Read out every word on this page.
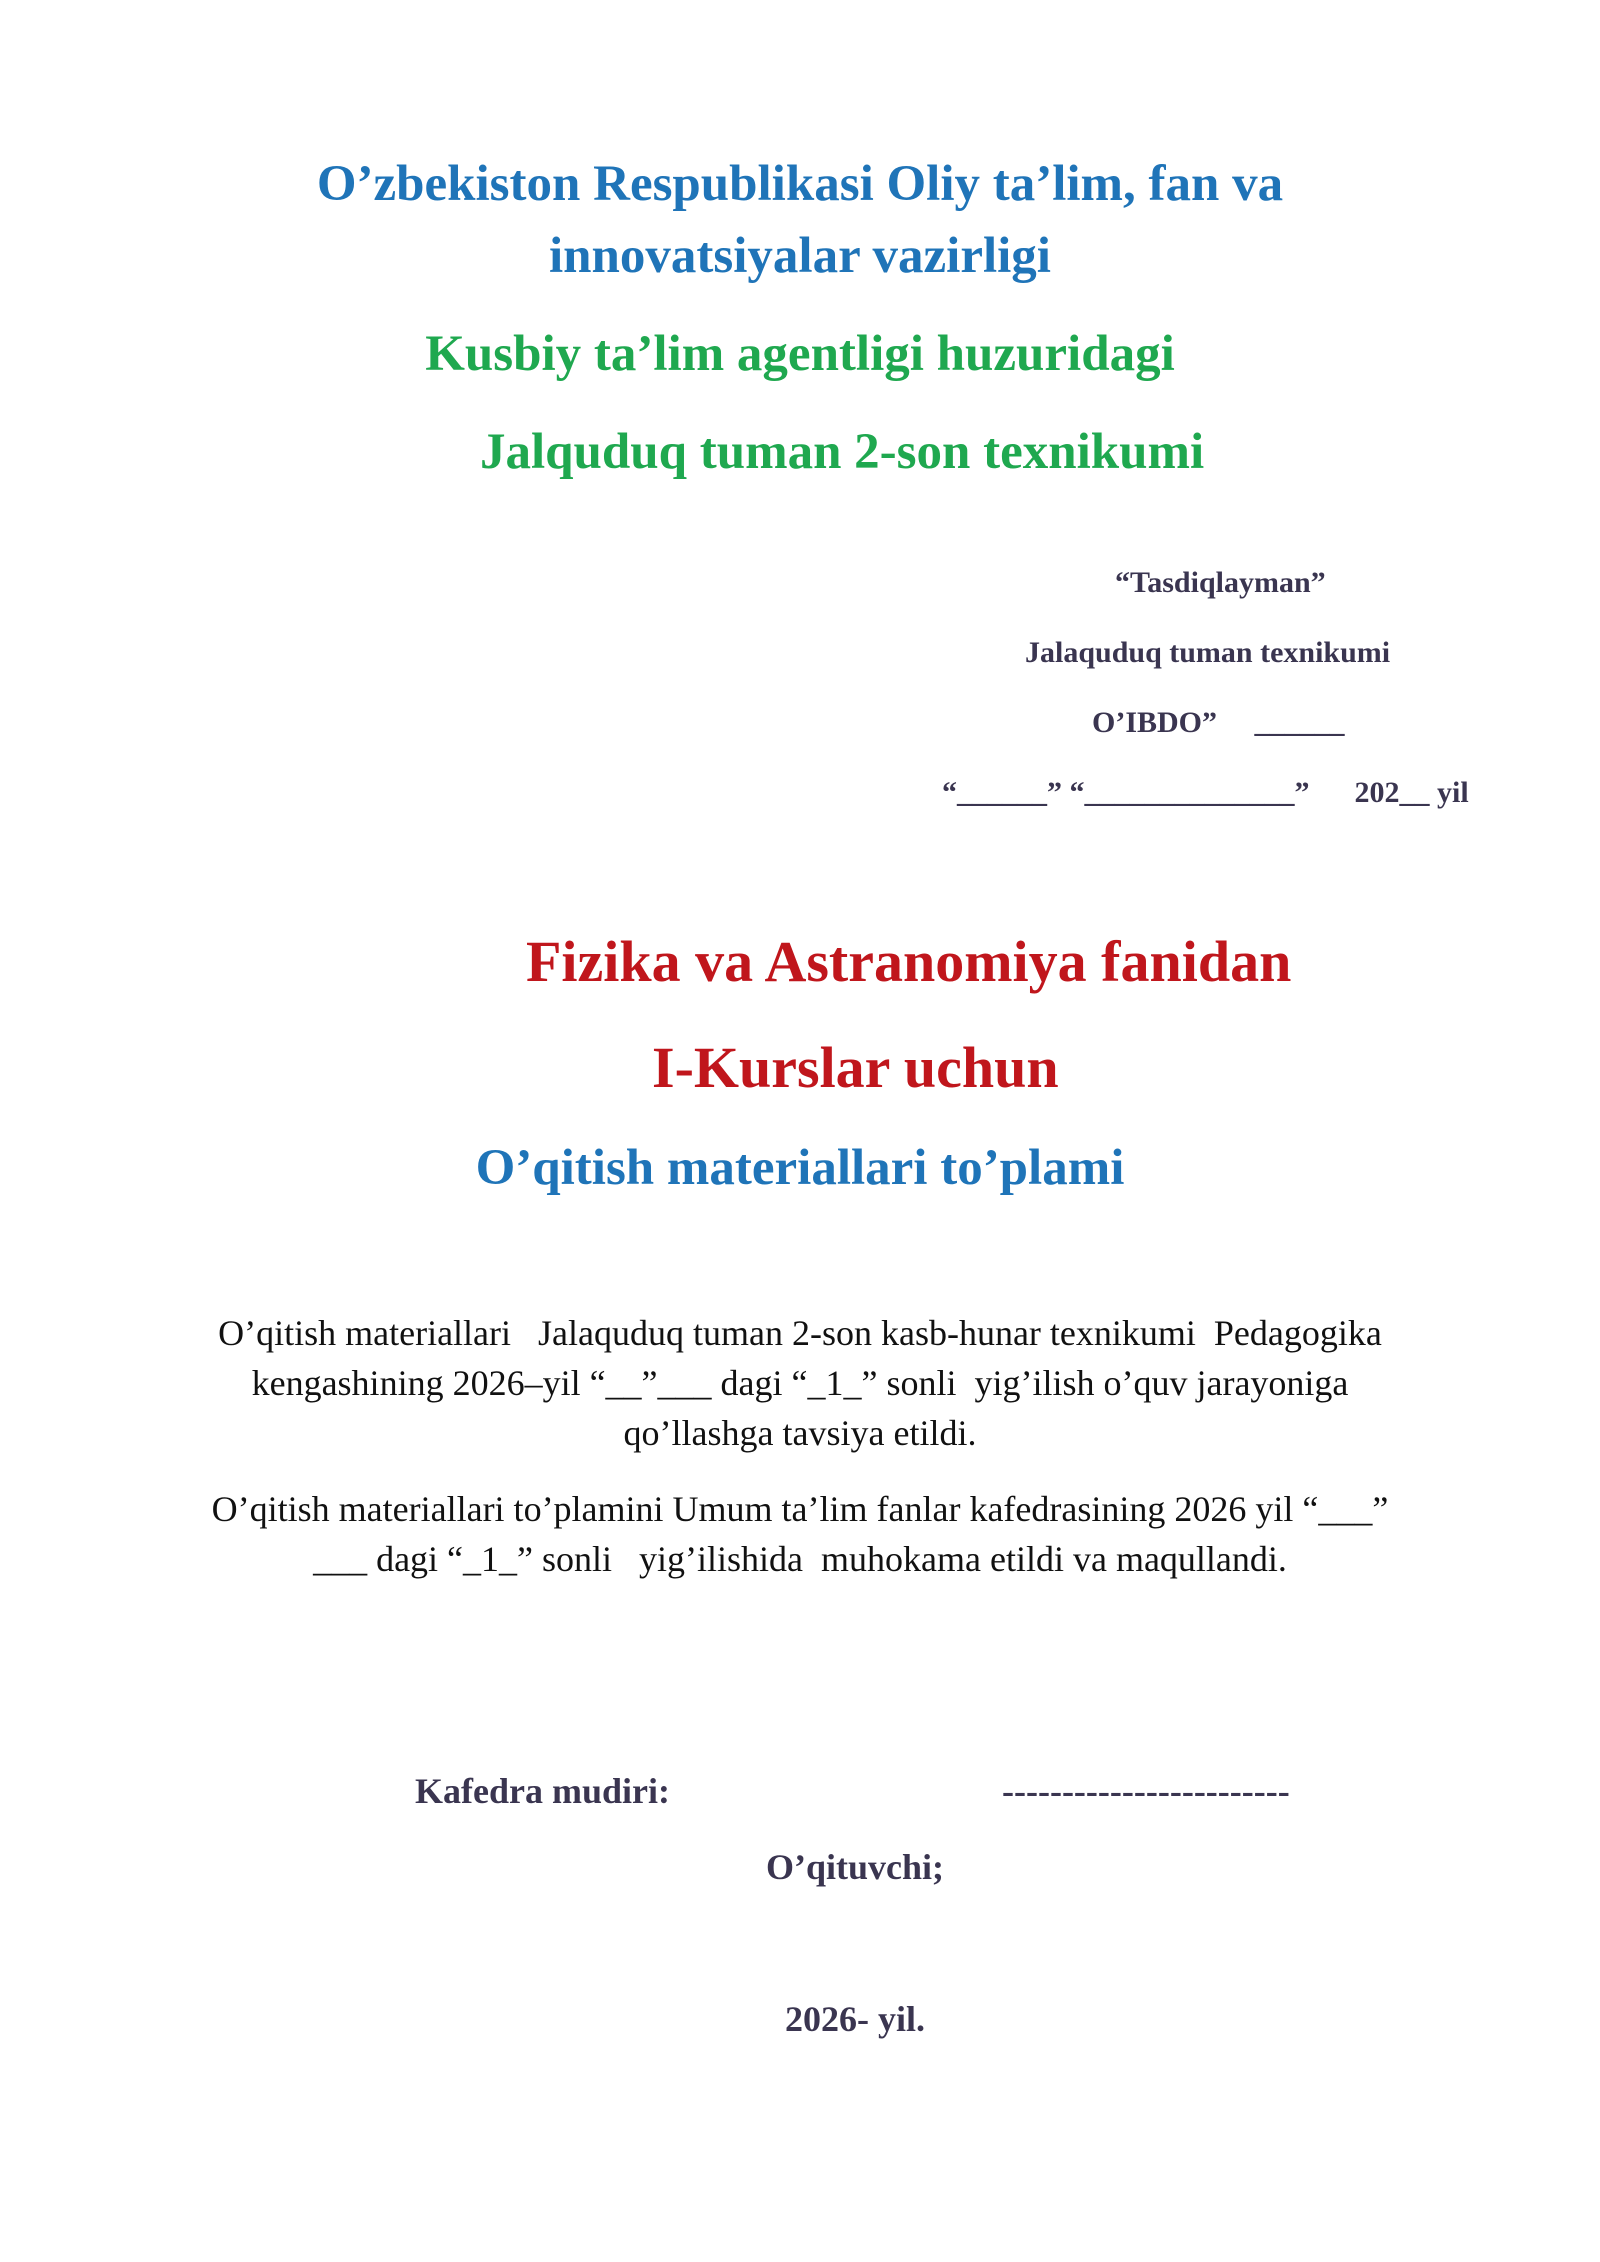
O’zbekiston Respublikasi Oliy ta’lim, fan va
innovatsiyalar vazirligi
Kusbiy ta’lim agentligi huzuridagi
Jalquduq tuman 2-son texnikumi
“Tasdiqlayman”
Jalaquduq tuman texnikumi
O’IBDO”     ______
“______” “______________”      202__ yil
Fizika va Astranomiya fanidan
I-Kurslar uchun
O’qitish materiallari to’plami
O’qitish materiallari   Jalaquduq tuman 2-son kasb-hunar texnikumi  Pedagogika
kengashining 2026–yil “__”___ dagi “_1_” sonli  yig’ilish o’quv jarayoniga
qo’llashga tavsiya etildi.
O’qitish materiallari to’plamini Umum ta’lim fanlar kafedrasining 2026 yil “___”
___ dagi “_1_” sonli   yig’ilishida  muhokama etildi va maqullandi.
Kafedra mudiri:	------------------------
O’qituvchi;
2026- yil.
